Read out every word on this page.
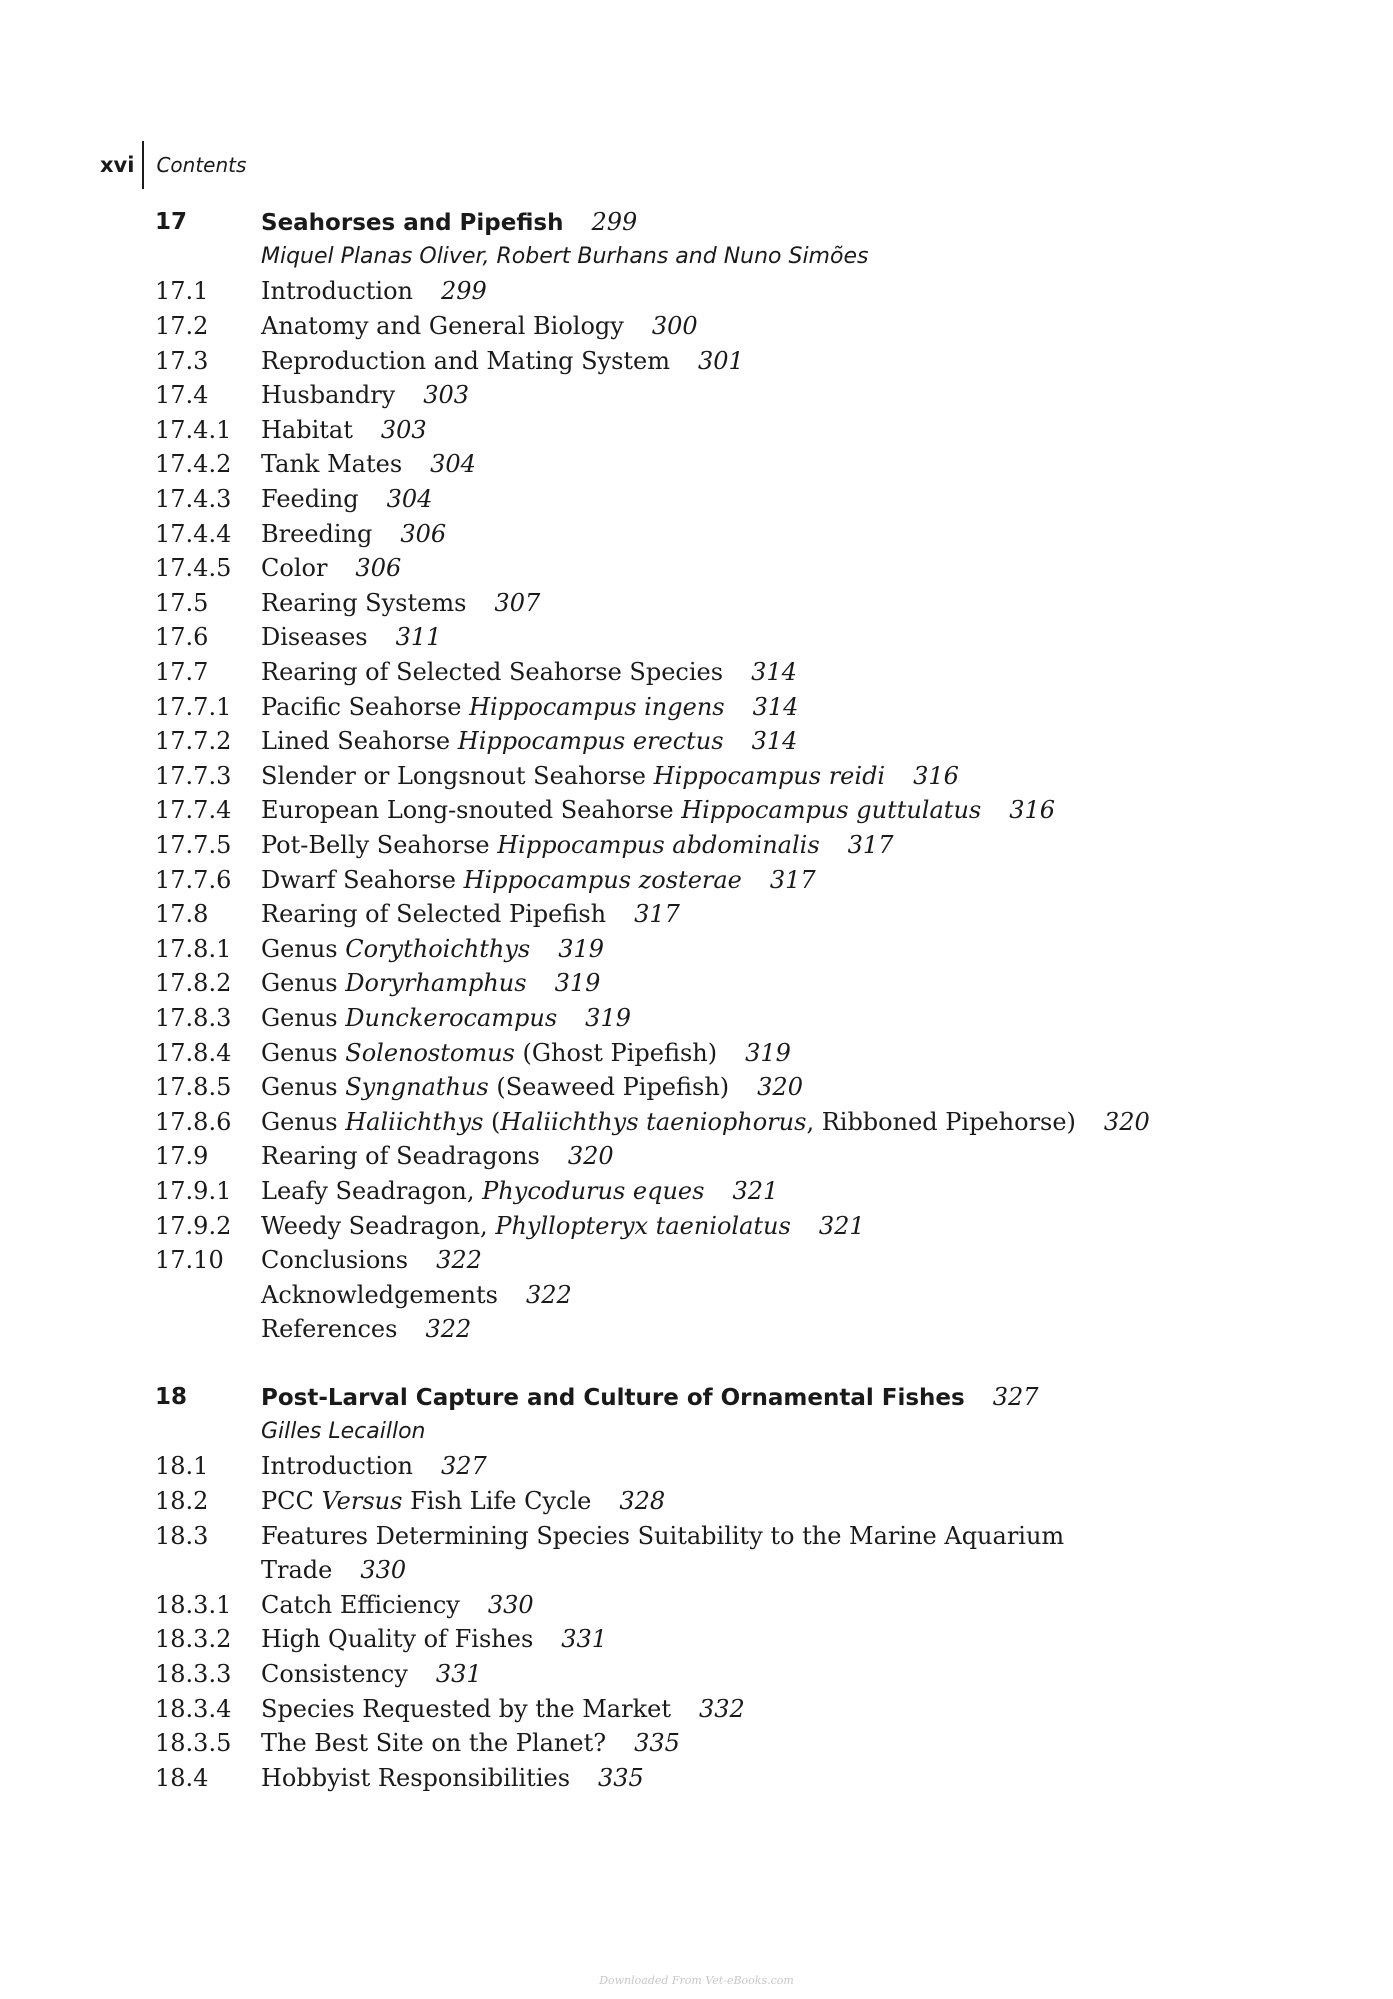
xvi	Contents
17	Seahorses and Pipefish 299
Miquel Planas Oliver, Robert Burhans and Nuno Simões
17.1	Introduction 299
17.2	Anatomy and General Biology 300
17.3	Reproduction and Mating System 301
17.4	Husbandry 303
17.4.1	Habitat 303
17.4.2	Tank Mates 304
17.4.3	Feeding 304
17.4.4	Breeding 306
17.4.5	Color 306
17.5	Rearing Systems 307
17.6	Diseases 311
17.7	Rearing of Selected Seahorse Species 314
17.7.1	Pacific Seahorse Hippocampus ingens 314
17.7.2	Lined Seahorse Hippocampus erectus 314
17.7.3	Slender or Longsnout Seahorse Hippocampus reidi 316
17.7.4	European Long-snouted Seahorse Hippocampus guttulatus 316
17.7.5	Pot-Belly Seahorse Hippocampus abdominalis 317
17.7.6	Dwarf Seahorse Hippocampus zosterae 317
17.8	Rearing of Selected Pipefish 317
17.8.1	Genus Corythoichthys 319
17.8.2	Genus Doryrhamphus 319
17.8.3	Genus Dunckerocampus 319
17.8.4	Genus Solenostomus (Ghost Pipefish) 319
17.8.5	Genus Syngnathus (Seaweed Pipefish) 320
17.8.6	Genus Haliichthys (Haliichthys taeniophorus, Ribboned Pipehorse) 320
17.9	Rearing of Seadragons 320
17.9.1	Leafy Seadragon, Phycodurus eques 321
17.9.2	Weedy Seadragon, Phyllopteryx taeniolatus 321
17.10	Conclusions 322
Acknowledgements 322
References 322
18	Post-Larval Capture and Culture of Ornamental Fishes 327
Gilles Lecaillon
18.1	Introduction 327
18.2	PCC Versus Fish Life Cycle 328
18.3	Features Determining Species Suitability to the Marine Aquarium
Trade 330
18.3.1	Catch Efficiency 330
18.3.2	High Quality of Fishes 331
18.3.3	Consistency 331
18.3.4	Species Requested by the Market 332
18.3.5	The Best Site on the Planet? 335
18.4	Hobbyist Responsibilities 335
Downloaded From Vet-eBooks.com
